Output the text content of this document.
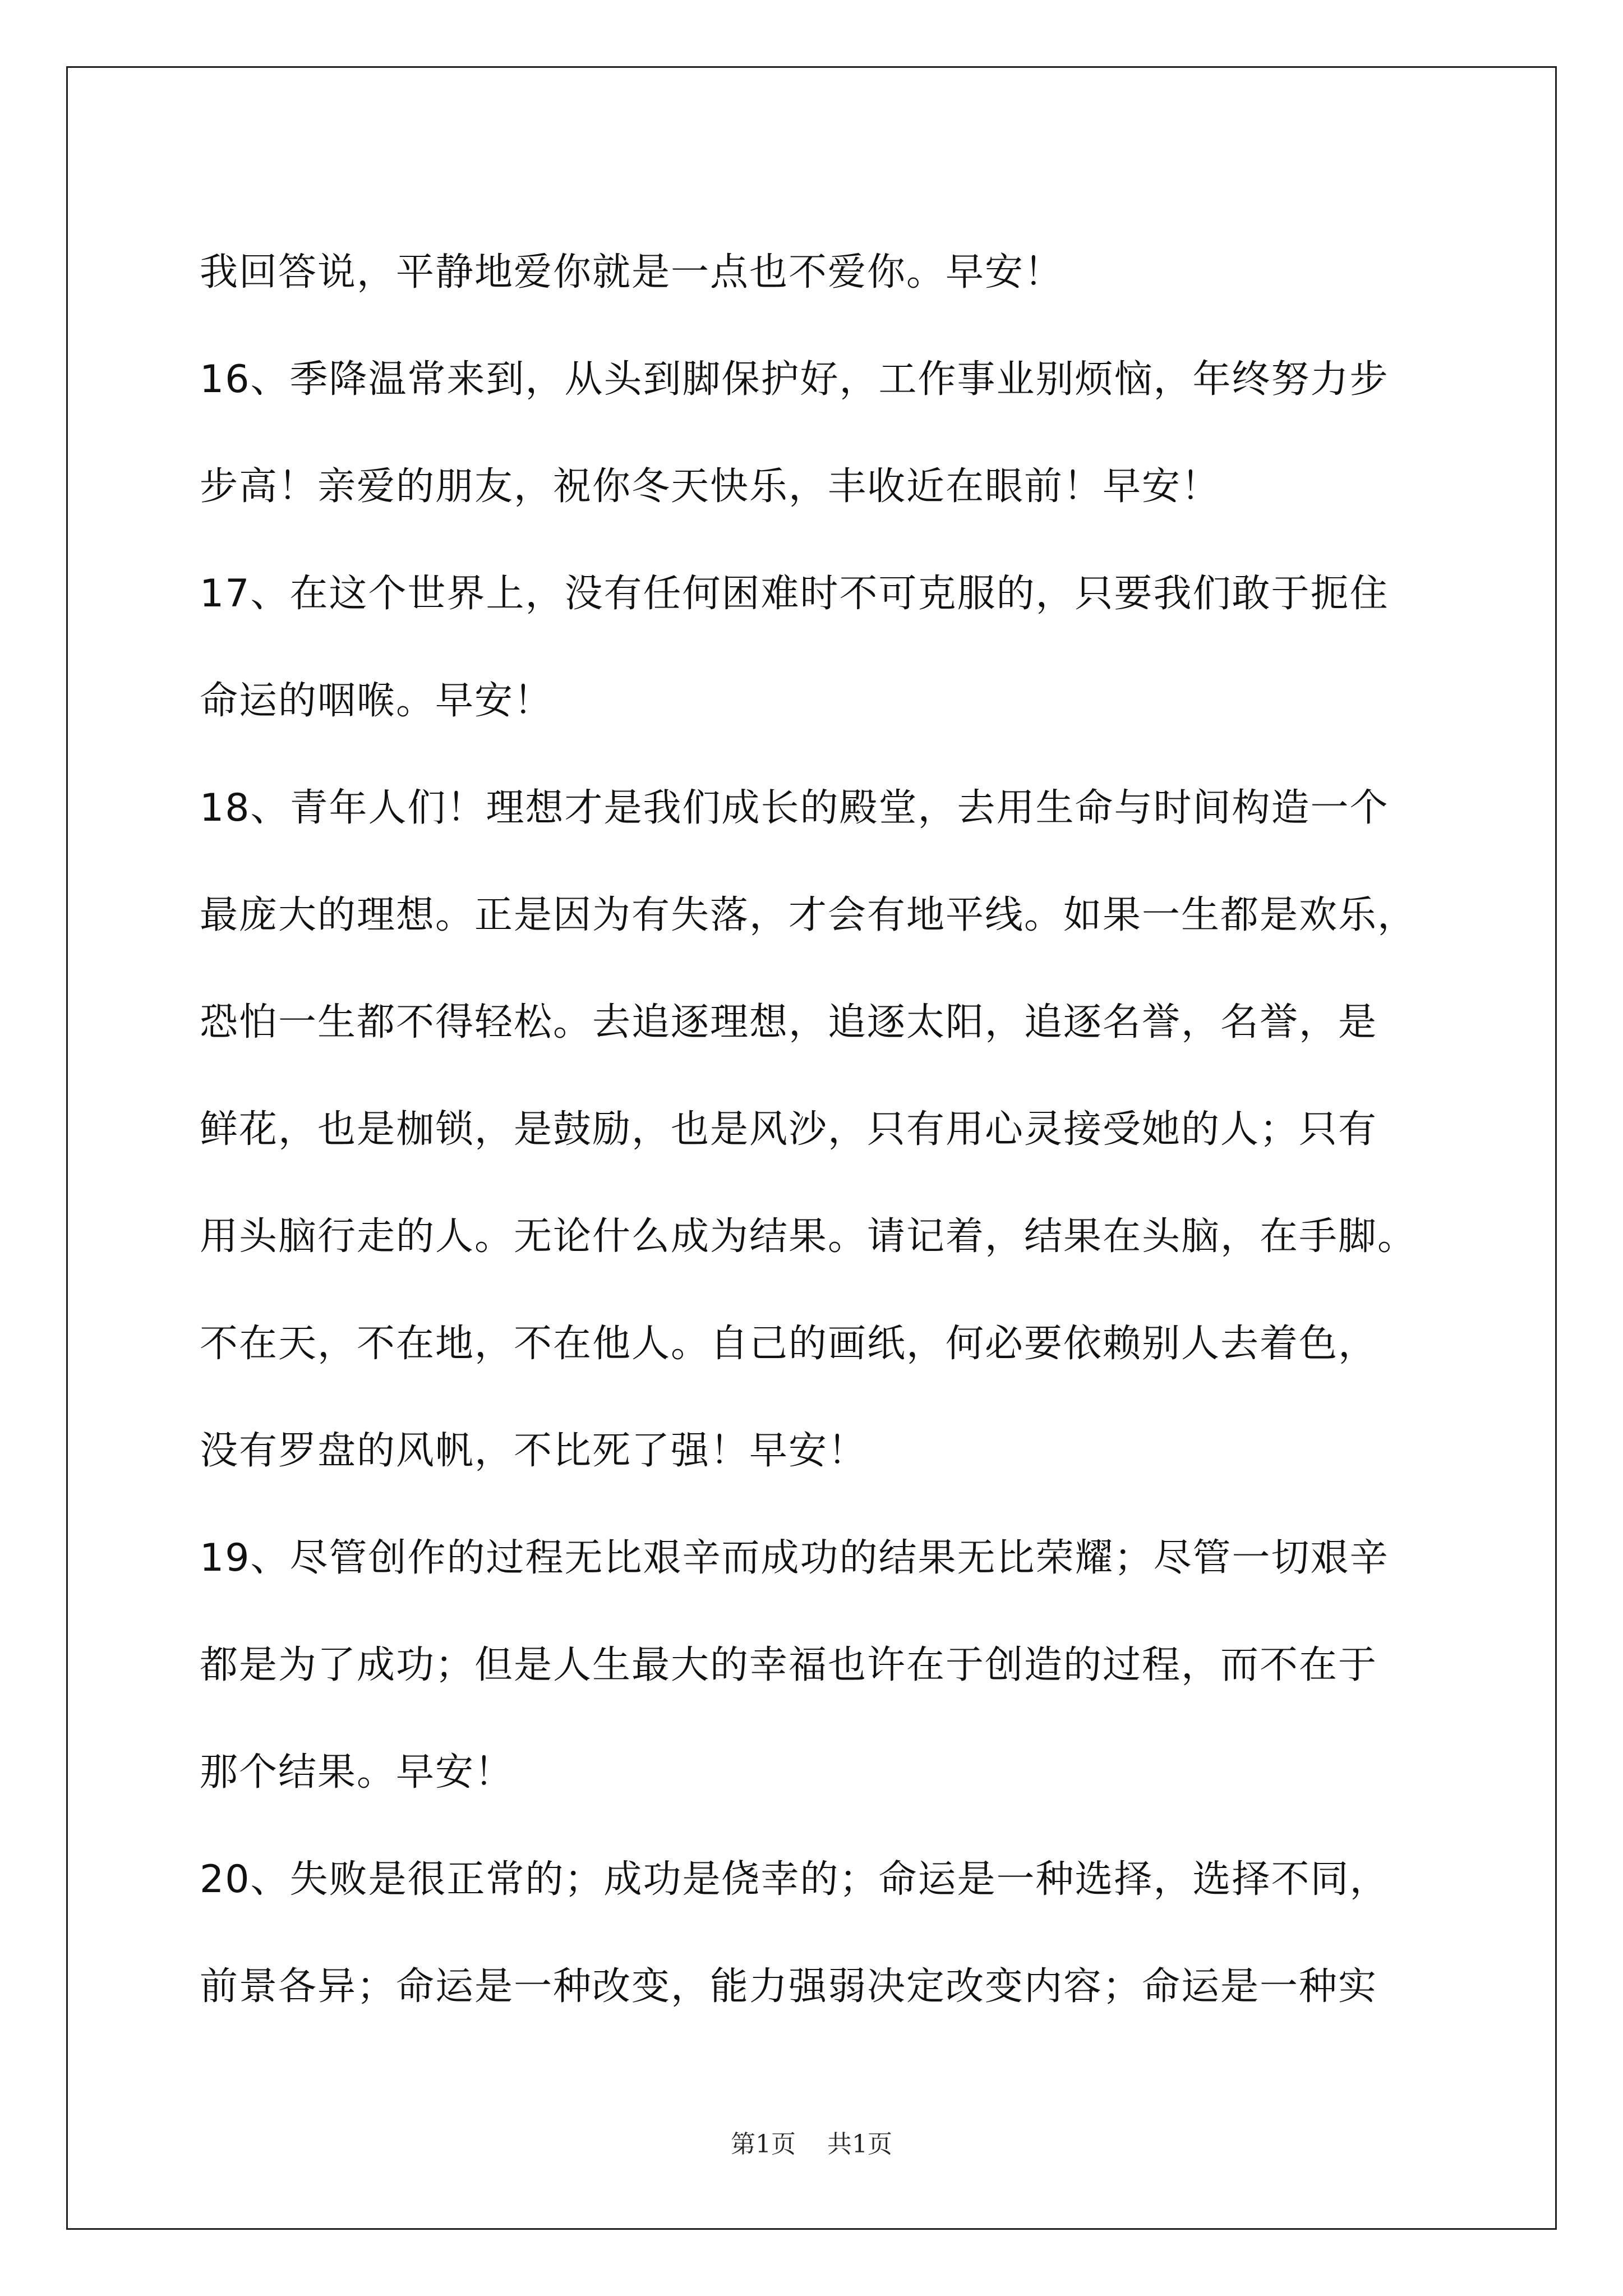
我回答说，平静地爱你就是一点也不爱你。早安！
16、季降温常来到，从头到脚保护好，工作事业别烦恼，年终努力步
步高！亲爱的朋友，祝你冬天快乐，丰收近在眼前！早安！
17、在这个世界上，没有任何困难时不可克服的，只要我们敢于扼住
命运的咽喉。早安！
18、青年人们！理想才是我们成长的殿堂，去用生命与时间构造一个
最庞大的理想。正是因为有失落，才会有地平线。如果一生都是欢乐，
恐怕一生都不得轻松。去追逐理想，追逐太阳，追逐名誉，名誉，是
鲜花，也是枷锁，是鼓励，也是风沙，只有用心灵接受她的人；只有
用头脑行走的人。无论什么成为结果。请记着，结果在头脑，在手脚。
不在天，不在地，不在他人。自己的画纸，何必要依赖别人去着色，
没有罗盘的风帆，不比死了强！早安！
19、尽管创作的过程无比艰辛而成功的结果无比荣耀；尽管一切艰辛
都是为了成功；但是人生最大的幸福也许在于创造的过程，而不在于
那个结果。早安！
20、失败是很正常的；成功是侥幸的；命运是一种选择，选择不同，
前景各异；命运是一种改变，能力强弱决定改变内容；命运是一种实
第1页 共1页
